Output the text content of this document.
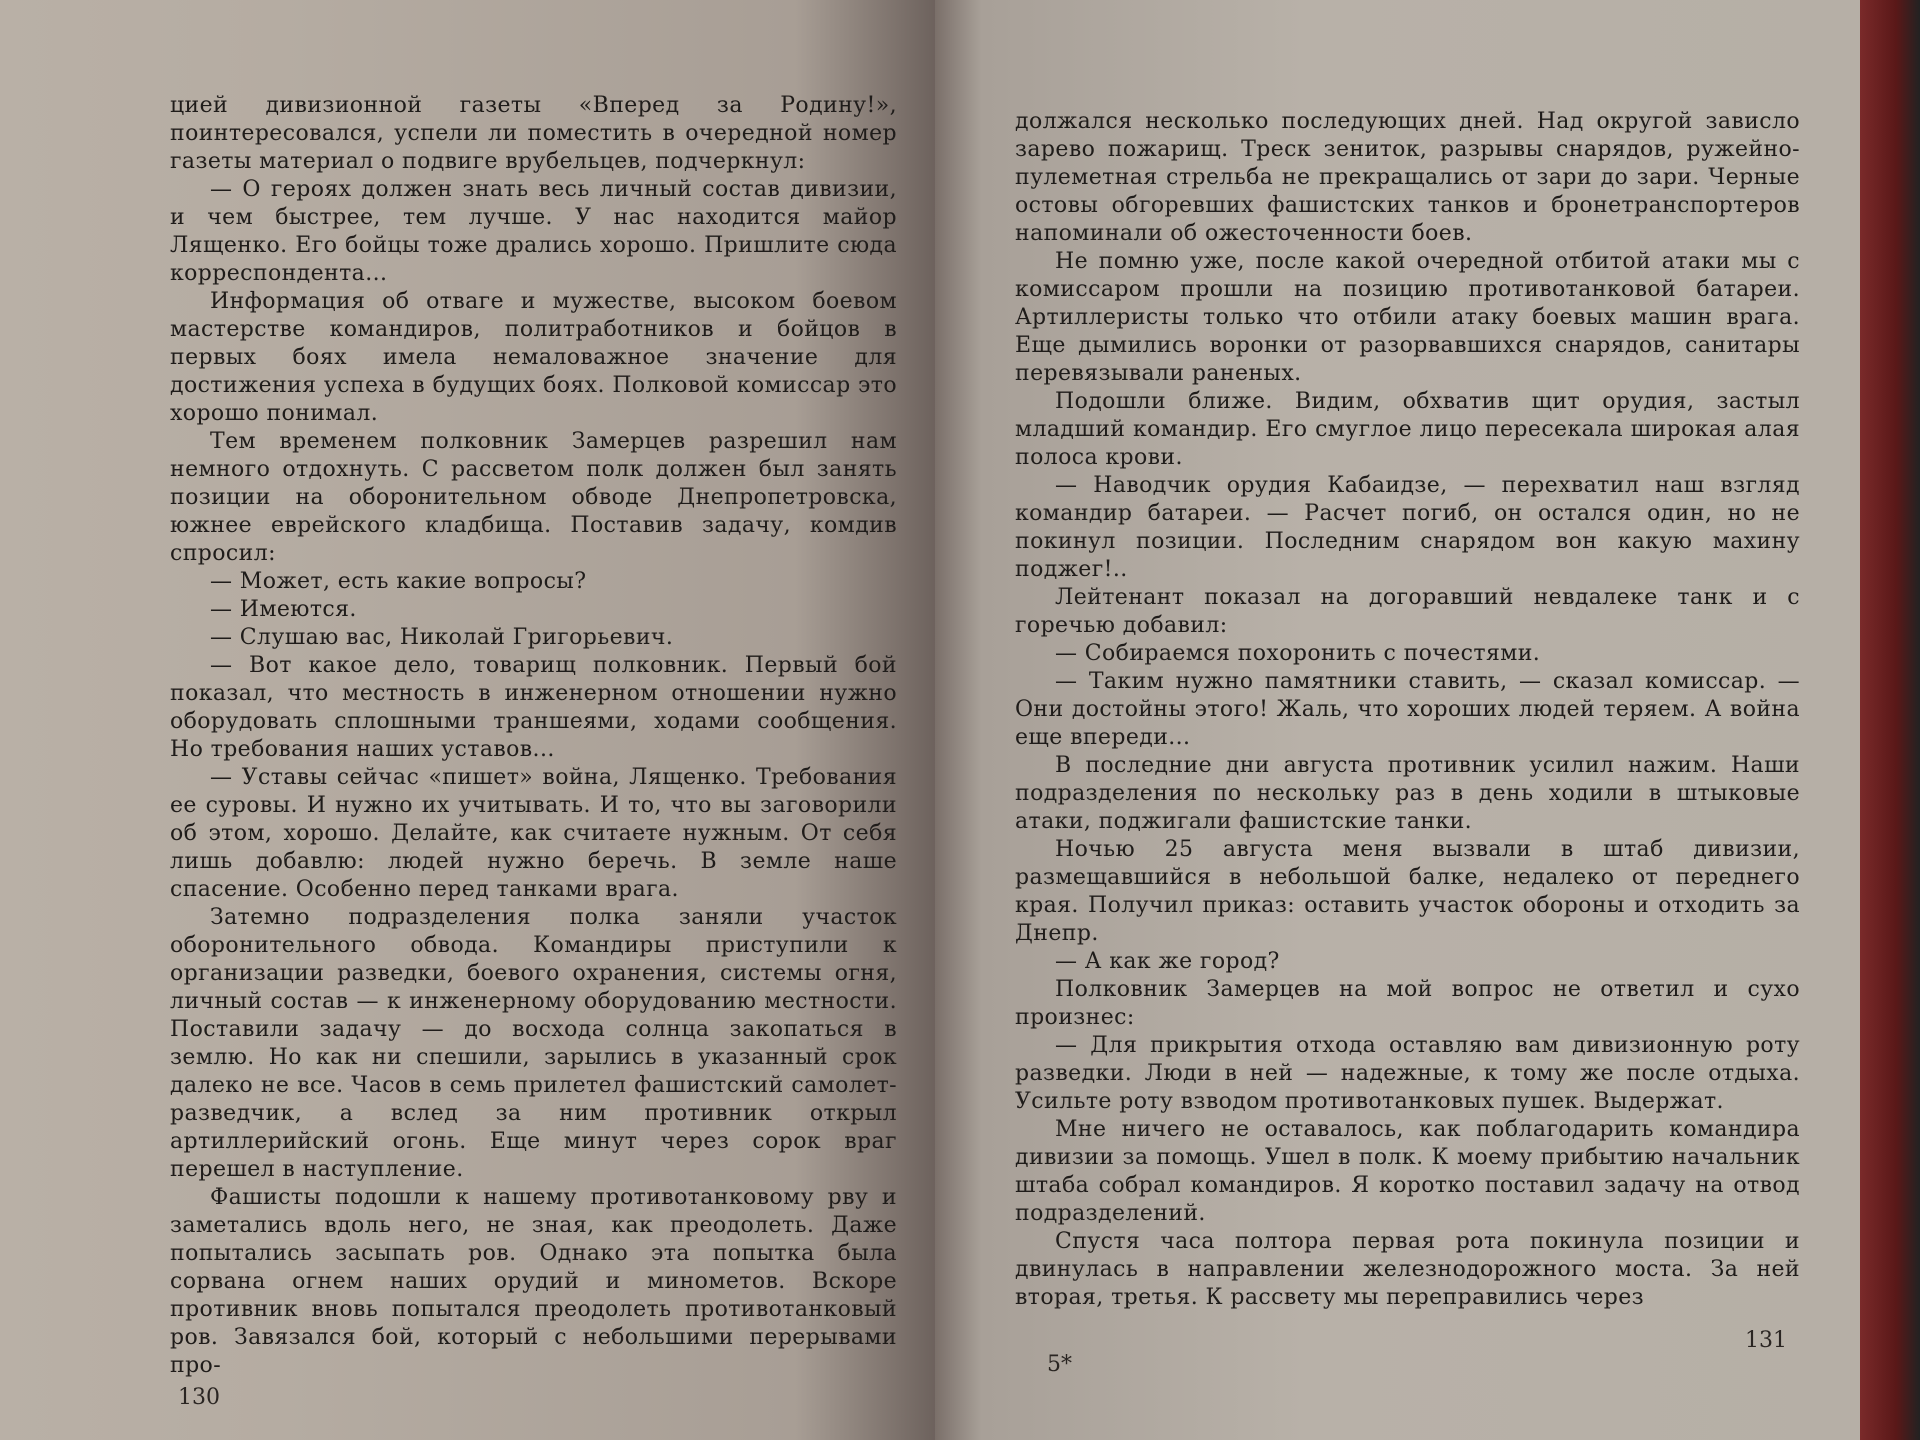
цией дивизионной газеты «Вперед за Родину!», поинтересовался, успели ли поместить в очередной номер газеты материал о подвиге врубельцев, подчеркнул:

— О героях должен знать весь личный состав дивизии, и чем быстрее, тем лучше. У нас находится майор Лященко. Его бойцы тоже дрались хорошо. Пришлите сюда корреспондента...

Информация об отваге и мужестве, высоком боевом мастерстве командиров, политработников и бойцов в первых боях имела немаловажное значение для достижения успеха в будущих боях. Полковой комиссар это хорошо понимал.

Тем временем полковник Замерцев разрешил нам немного отдохнуть. С рассветом полк должен был занять позиции на оборонительном обводе Днепропетровска, южнее еврейского кладбища. Поставив задачу, комдив спросил:

— Может, есть какие вопросы?

— Имеются.

— Слушаю вас, Николай Григорьевич.

— Вот какое дело, товарищ полковник. Первый бой показал, что местность в инженерном отношении нужно оборудовать сплошными траншеями, ходами сообщения. Но требования наших уставов...

— Уставы сейчас «пишет» война, Лященко. Требования ее суровы. И нужно их учитывать. И то, что вы заговорили об этом, хорошо. Делайте, как считаете нужным. От себя лишь добавлю: людей нужно беречь. В земле наше спасение. Особенно перед танками врага.

Затемно подразделения полка заняли участок оборонительного обвода. Командиры приступили к организации разведки, боевого охранения, системы огня, личный состав — к инженерному оборудованию местности. Поставили задачу — до восхода солнца закопаться в землю. Но как ни спешили, зарылись в указанный срок далеко не все. Часов в семь прилетел фашистский самолет-разведчик, а вслед за ним противник открыл артиллерийский огонь. Еще минут через сорок враг перешел в наступление.

Фашисты подошли к нашему противотанковому рву и заметались вдоль него, не зная, как преодолеть. Даже попытались засыпать ров. Однако эта попытка была сорвана огнем наших орудий и минометов. Вскоре противник вновь попытался преодолеть противотанковый ров. Завязался бой, который с небольшими перерывами про-

должался несколько последующих дней. Над округой зависло зарево пожарищ. Треск зениток, разрывы снарядов, ружейно-пулеметная стрельба не прекращались от зари до зари. Черные остовы обгоревших фашистских танков и бронетранспортеров напоминали об ожесточенности боев.

Не помню уже, после какой очередной отбитой атаки мы с комиссаром прошли на позицию противотанковой батареи. Артиллеристы только что отбили атаку боевых машин врага. Еще дымились воронки от разорвавшихся снарядов, санитары перевязывали раненых.

Подошли ближе. Видим, обхватив щит орудия, застыл младший командир. Его смуглое лицо пересекала широкая алая полоса крови.

— Наводчик орудия Кабаидзе, — перехватил наш взгляд командир батареи. — Расчет погиб, он остался один, но не покинул позиции. Последним снарядом вон какую махину поджег!..

Лейтенант показал на догоравший невдалеке танк и с горечью добавил:

— Собираемся похоронить с почестями.

— Таким нужно памятники ставить, — сказал комиссар. — Они достойны этого! Жаль, что хороших людей теряем. А война еще впереди...

В последние дни августа противник усилил нажим. Наши подразделения по нескольку раз в день ходили в штыковые атаки, поджигали фашистские танки.

Ночью 25 августа меня вызвали в штаб дивизии, размещавшийся в небольшой балке, недалеко от переднего края. Получил приказ: оставить участок обороны и отходить за Днепр.

— А как же город?

Полковник Замерцев на мой вопрос не ответил и сухо произнес:

— Для прикрытия отхода оставляю вам дивизионную роту разведки. Люди в ней — надежные, к тому же после отдыха. Усильте роту взводом противотанковых пушек. Выдержат.

Мне ничего не оставалось, как поблагодарить командира дивизии за помощь. Ушел в полк. К моему прибытию начальник штаба собрал командиров. Я коротко поставил задачу на отвод подразделений.

Спустя часа полтора первая рота покинула позиции и двинулась в направлении железнодорожного моста. За ней вторая, третья. К рассвету мы переправились через

130
5*
131
